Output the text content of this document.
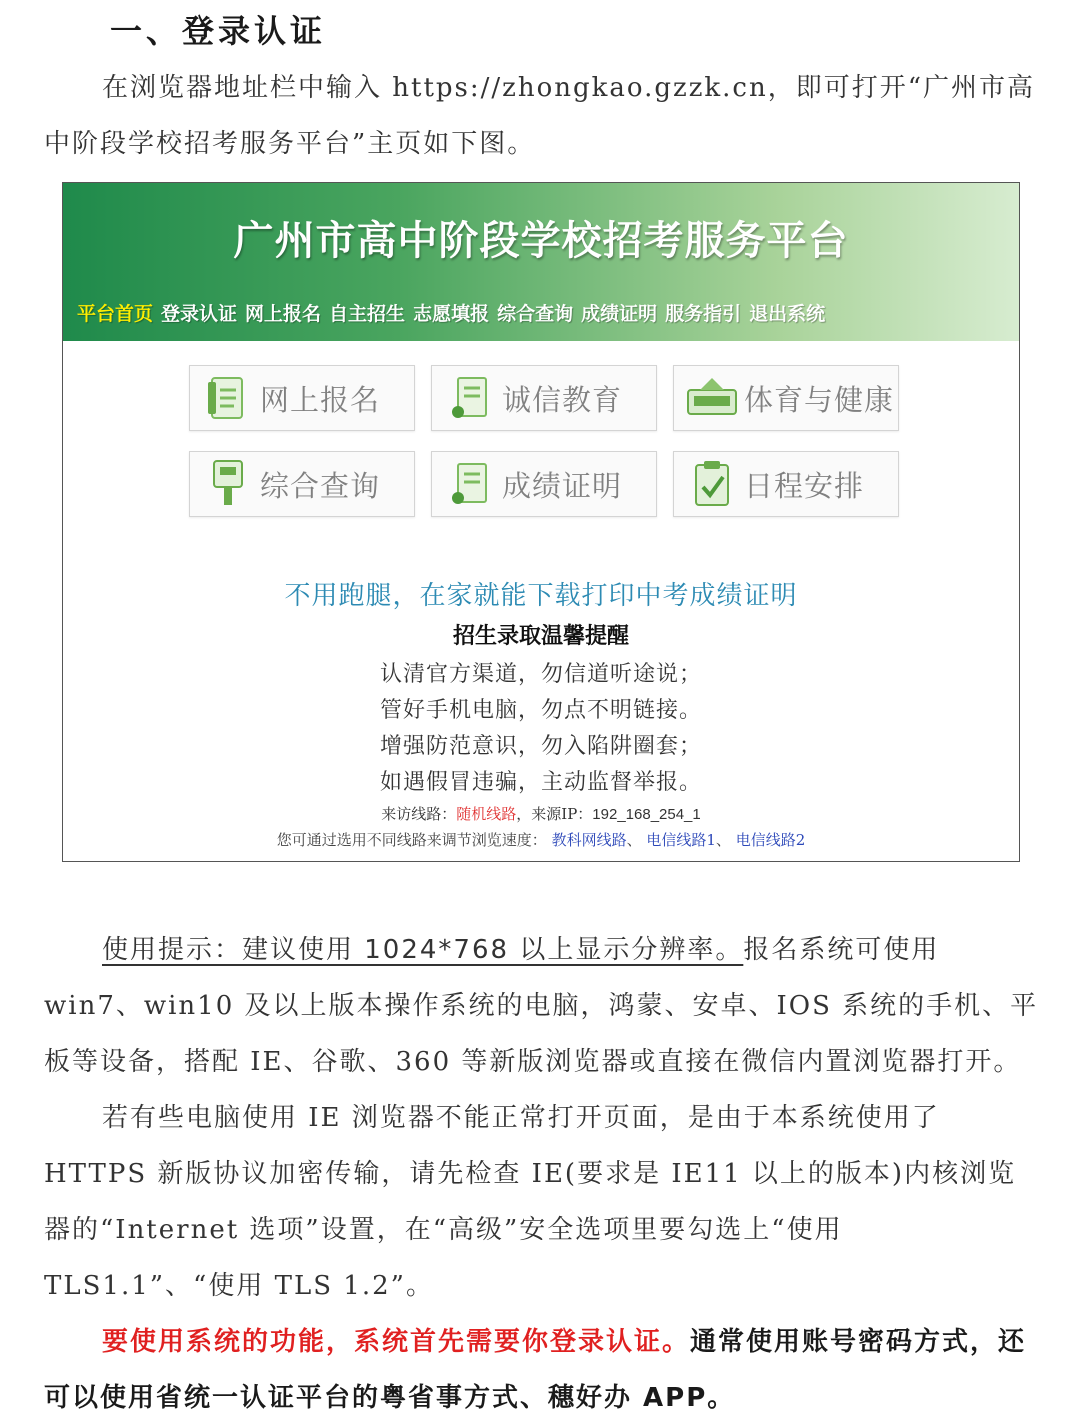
一、登录认证
在浏览器地址栏中输入 https://zhongkao.gzzk.cn，即可打开“广州市高中阶段学校招考服务平台”主页如下图。
广州市高中阶段学校招考服务平台
平台首页 登录认证 网上报名 自主招生 志愿填报 综合查询 成绩证明 服务指引 退出系统
网上报名	诚信教育	体育与健康
综合查询	成绩证明	日程安排
不用跑腿，在家就能下载打印中考成绩证明
招生录取温馨提醒
认清官方渠道，勿信道听途说；
管好手机电脑，勿点不明链接。
增强防范意识，勿入陷阱圈套；
如遇假冒违骗，主动监督举报。
来访线路：随机线路，来源IP：192_168_254_1
您可通过选用不同线路来调节浏览速度： 教科网线路、 电信线路1、 电信线路2
使用提示：建议使用 1024*768 以上显示分辨率。报名系统可使用 win7、win10 及以上版本操作系统的电脑，鸿蒙、安卓、IOS 系统的手机、平板等设备，搭配 IE、谷歌、360 等新版浏览器或直接在微信内置浏览器打开。
若有些电脑使用 IE 浏览器不能正常打开页面，是由于本系统使用了 HTTPS 新版协议加密传输，请先检查 IE(要求是 IE11 以上的版本)内核浏览器的“Internet 选项”设置，在“高级”安全选项里要勾选上“使用 TLS1.1”、“使用 TLS 1.2”。
要使用系统的功能，系统首先需要你登录认证。通常使用账号密码方式，还可以使用省统一认证平台的粤省事方式、穗好办 APP。
